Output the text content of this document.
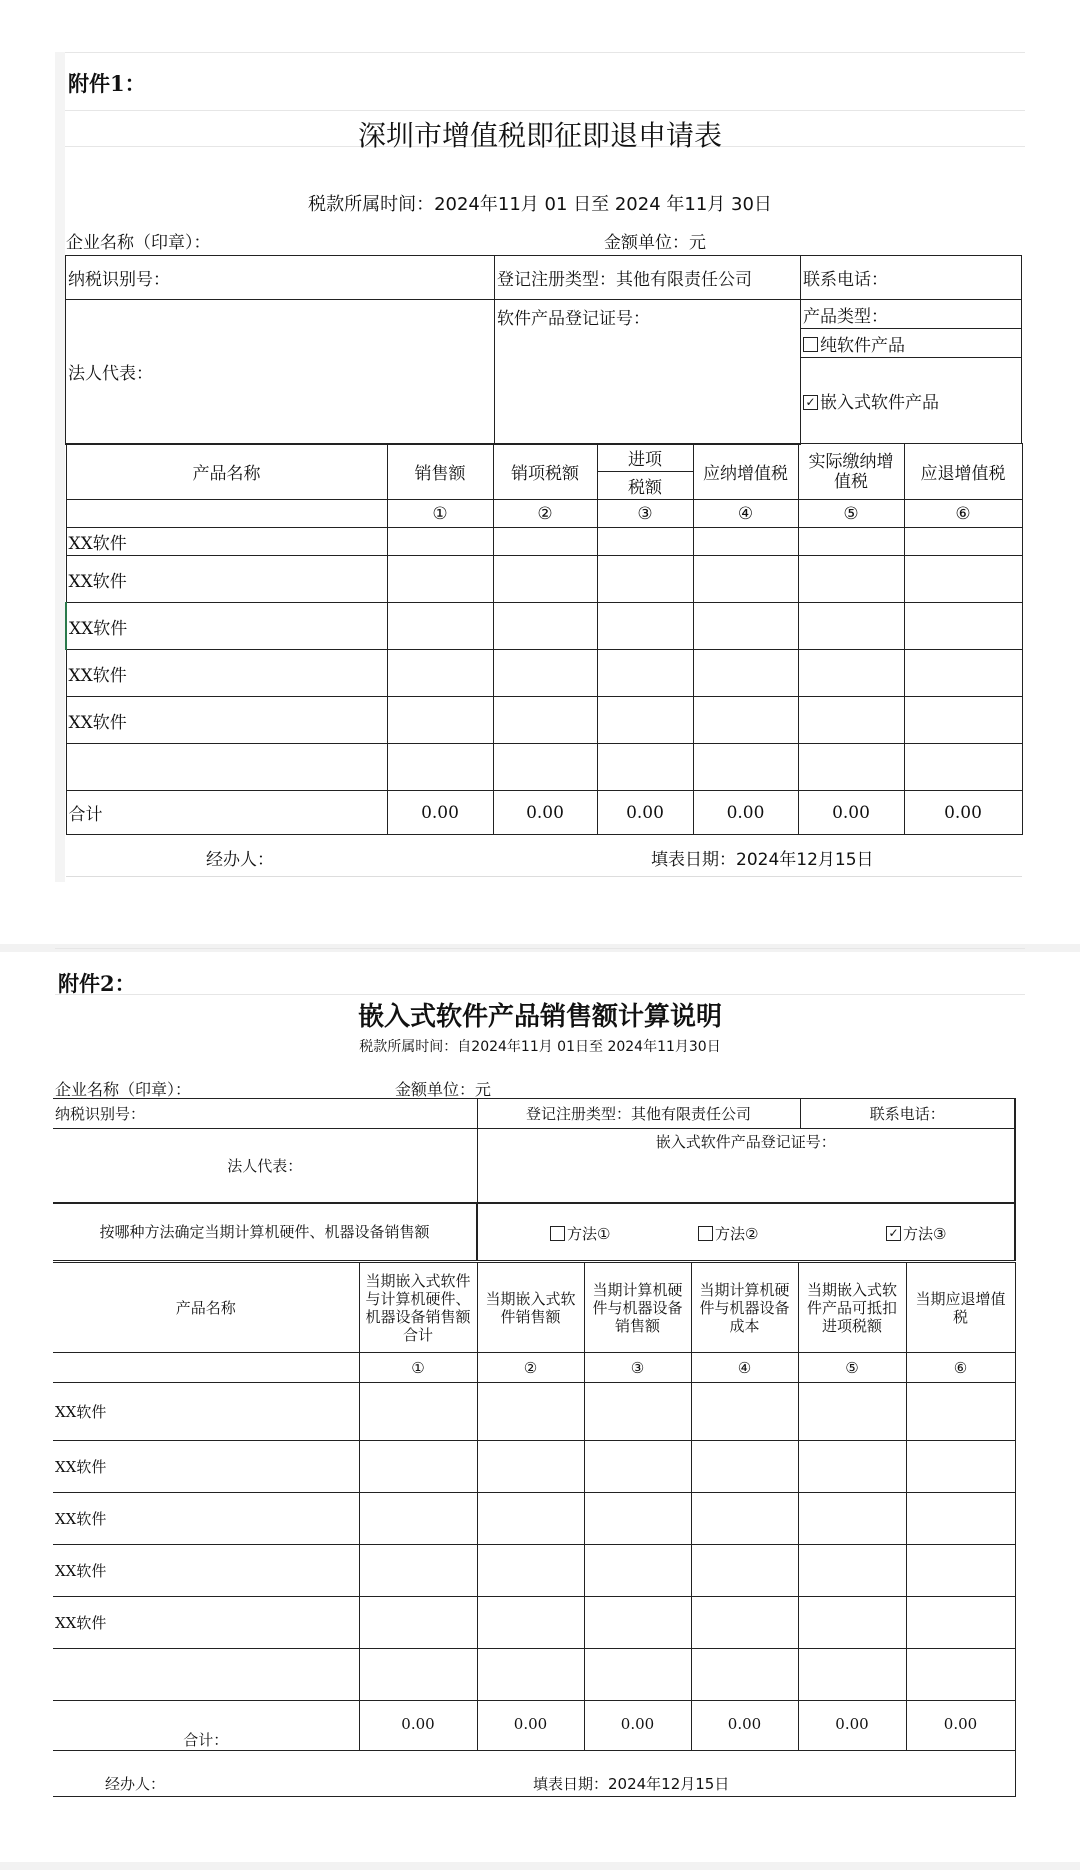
附件1：
深圳市增值税即征即退申请表
税款所属时间：2024年11月 01 日至 2024 年11月 30日
企业名称（印章）：	金额单位：元
纳税识别号：	登记注册类型：其他有限责任公司	联系电话：
法人代表：	软件产品登记证号：	产品类型：
		纯软件产品
		✓ 嵌入式软件产品

产品名称	销售额	销项税额	进项	应纳增值税	实际缴纳增值税	应退增值税
			税额			
	①	②	③	④	⑤	⑥
XX软件						
XX软件						
XX软件						
XX软件						
XX软件						

合计	0.00	0.00	0.00	0.00	0.00	0.00

经办人： 填表日期：2024年12月15日						
附件2：
嵌入式软件产品销售额计算说明
税款所属时间：自2024年11月 01日至 2024年11月30日
企业名称（印章）：	金额单位：元
纳税识别号：	登记注册类型：其他有限责任公司	联系电话：
法人代表：	嵌入式软件产品登记证号：	
按哪种方法确定当期计算机硬件、机器设备销售额	方法① 方法② ✓ 方法③	
产品名称	当期嵌入式软件与计算机硬件、机器设备销售额合计	当期嵌入式软件销售额	当期计算机硬件与机器设备销售额	当期计算机硬件与机器设备成本	当期嵌入式软件产品可抵扣进项税额	当期应退增值税
	①	②	③	④	⑤	⑥
XX软件						
XX软件						
XX软件						
XX软件						
XX软件						

合计：	0.00	0.00	0.00	0.00	0.00	0.00

经办人： 填表日期：2024年12月15日						
